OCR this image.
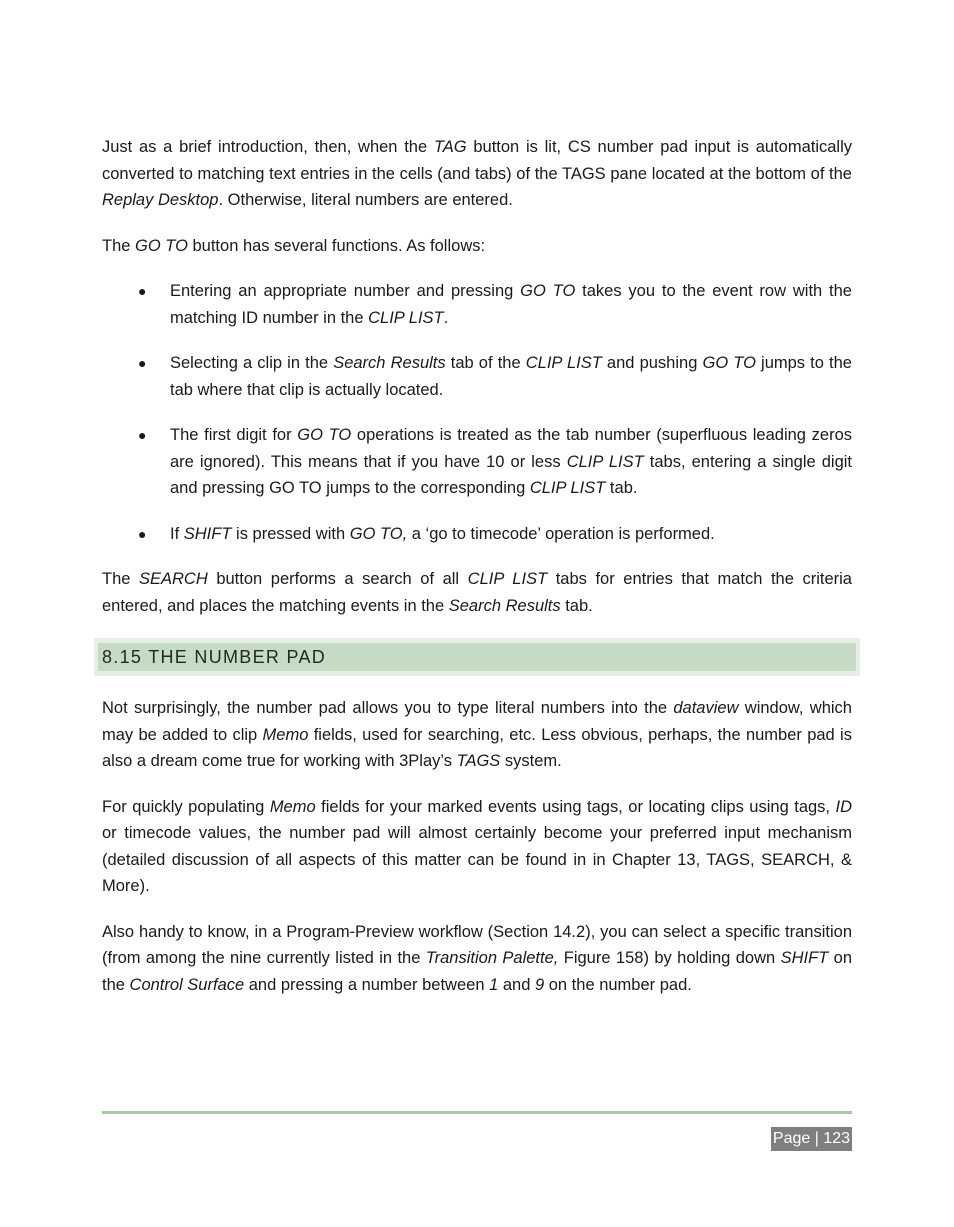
Just as a brief introduction, then, when the TAG button is lit, CS number pad input is automatically converted to matching text entries in the cells (and tabs) of the TAGS pane located at the bottom of the Replay Desktop. Otherwise, literal numbers are entered.

The GO TO button has several functions. As follows:

● Entering an appropriate number and pressing GO TO takes you to the event row with the matching ID number in the CLIP LIST.
● Selecting a clip in the Search Results tab of the CLIP LIST and pushing GO TO jumps to the tab where that clip is actually located.
● The first digit for GO TO operations is treated as the tab number (superfluous leading zeros are ignored). This means that if you have 10 or less CLIP LIST tabs, entering a single digit and pressing GO TO jumps to the corresponding CLIP LIST tab.
● If SHIFT is pressed with GO TO, a ‘go to timecode’ operation is performed.

The SEARCH button performs a search of all CLIP LIST tabs for entries that match the criteria entered, and places the matching events in the Search Results tab.

8.15 THE NUMBER PAD

Not surprisingly, the number pad allows you to type literal numbers into the dataview window, which may be added to clip Memo fields, used for searching, etc. Less obvious, perhaps, the number pad is also a dream come true for working with 3Play’s TAGS system.

For quickly populating Memo fields for your marked events using tags, or locating clips using tags, ID or timecode values, the number pad will almost certainly become your preferred input mechanism (detailed discussion of all aspects of this matter can be found in in Chapter 13, TAGS, SEARCH, & More).

Also handy to know, in a Program-Preview workflow (Section 14.2), you can select a specific transition (from among the nine currently listed in the Transition Palette, Figure 158) by holding down SHIFT on the Control Surface and pressing a number between 1 and 9 on the number pad.

Page | 123
